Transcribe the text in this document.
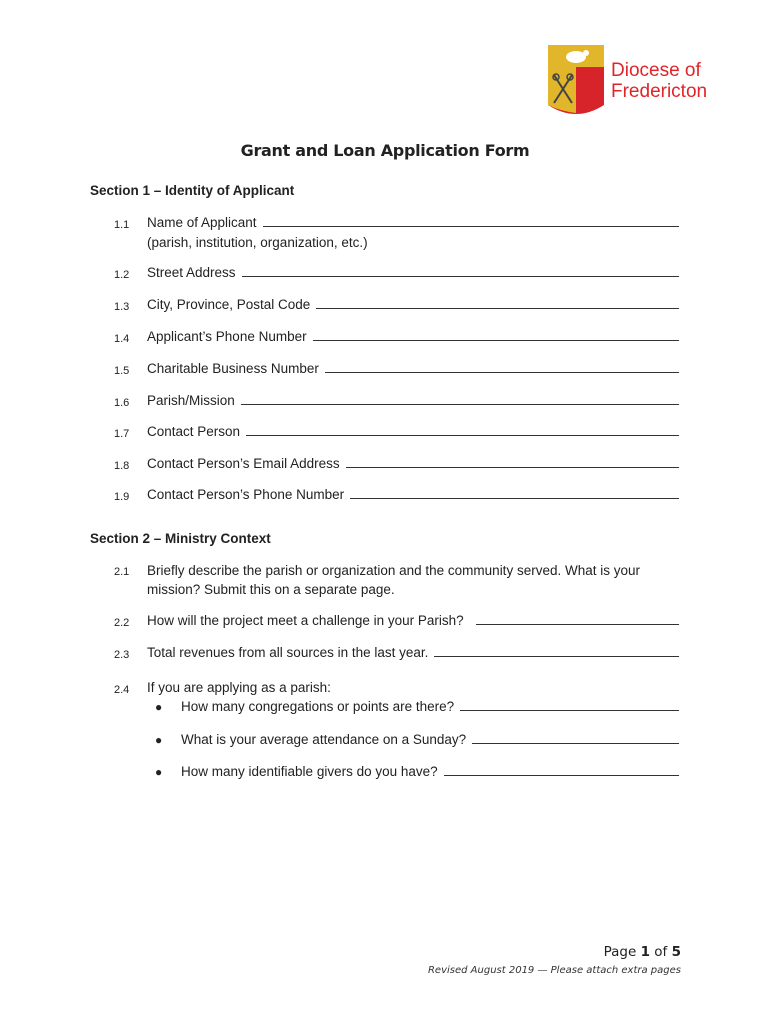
Diocese of
Fredericton
Grant and Loan Application Form
Section 1 – Identity of Applicant
1.1 Name of Applicant
(parish, institution, organization, etc.)
1.2 Street Address
1.3 City, Province, Postal Code
1.4 Applicant’s Phone Number
1.5 Charitable Business Number
1.6 Parish/Mission
1.7 Contact Person
1.8 Contact Person’s Email Address
1.9 Contact Person’s Phone Number
Section 2 – Ministry Context
2.1 Briefly describe the parish or organization and the community served. What is your mission? Submit this on a separate page.
2.2 How will the project meet a challenge in your Parish?
2.3 Total revenues from all sources in the last year.
2.4 If you are applying as a parish:
●	How many congregations or points are there?
●	What is your average attendance on a Sunday?
●	How many identifiable givers do you have?
Page 1 of 5
Revised August 2019 — Please attach extra pages
